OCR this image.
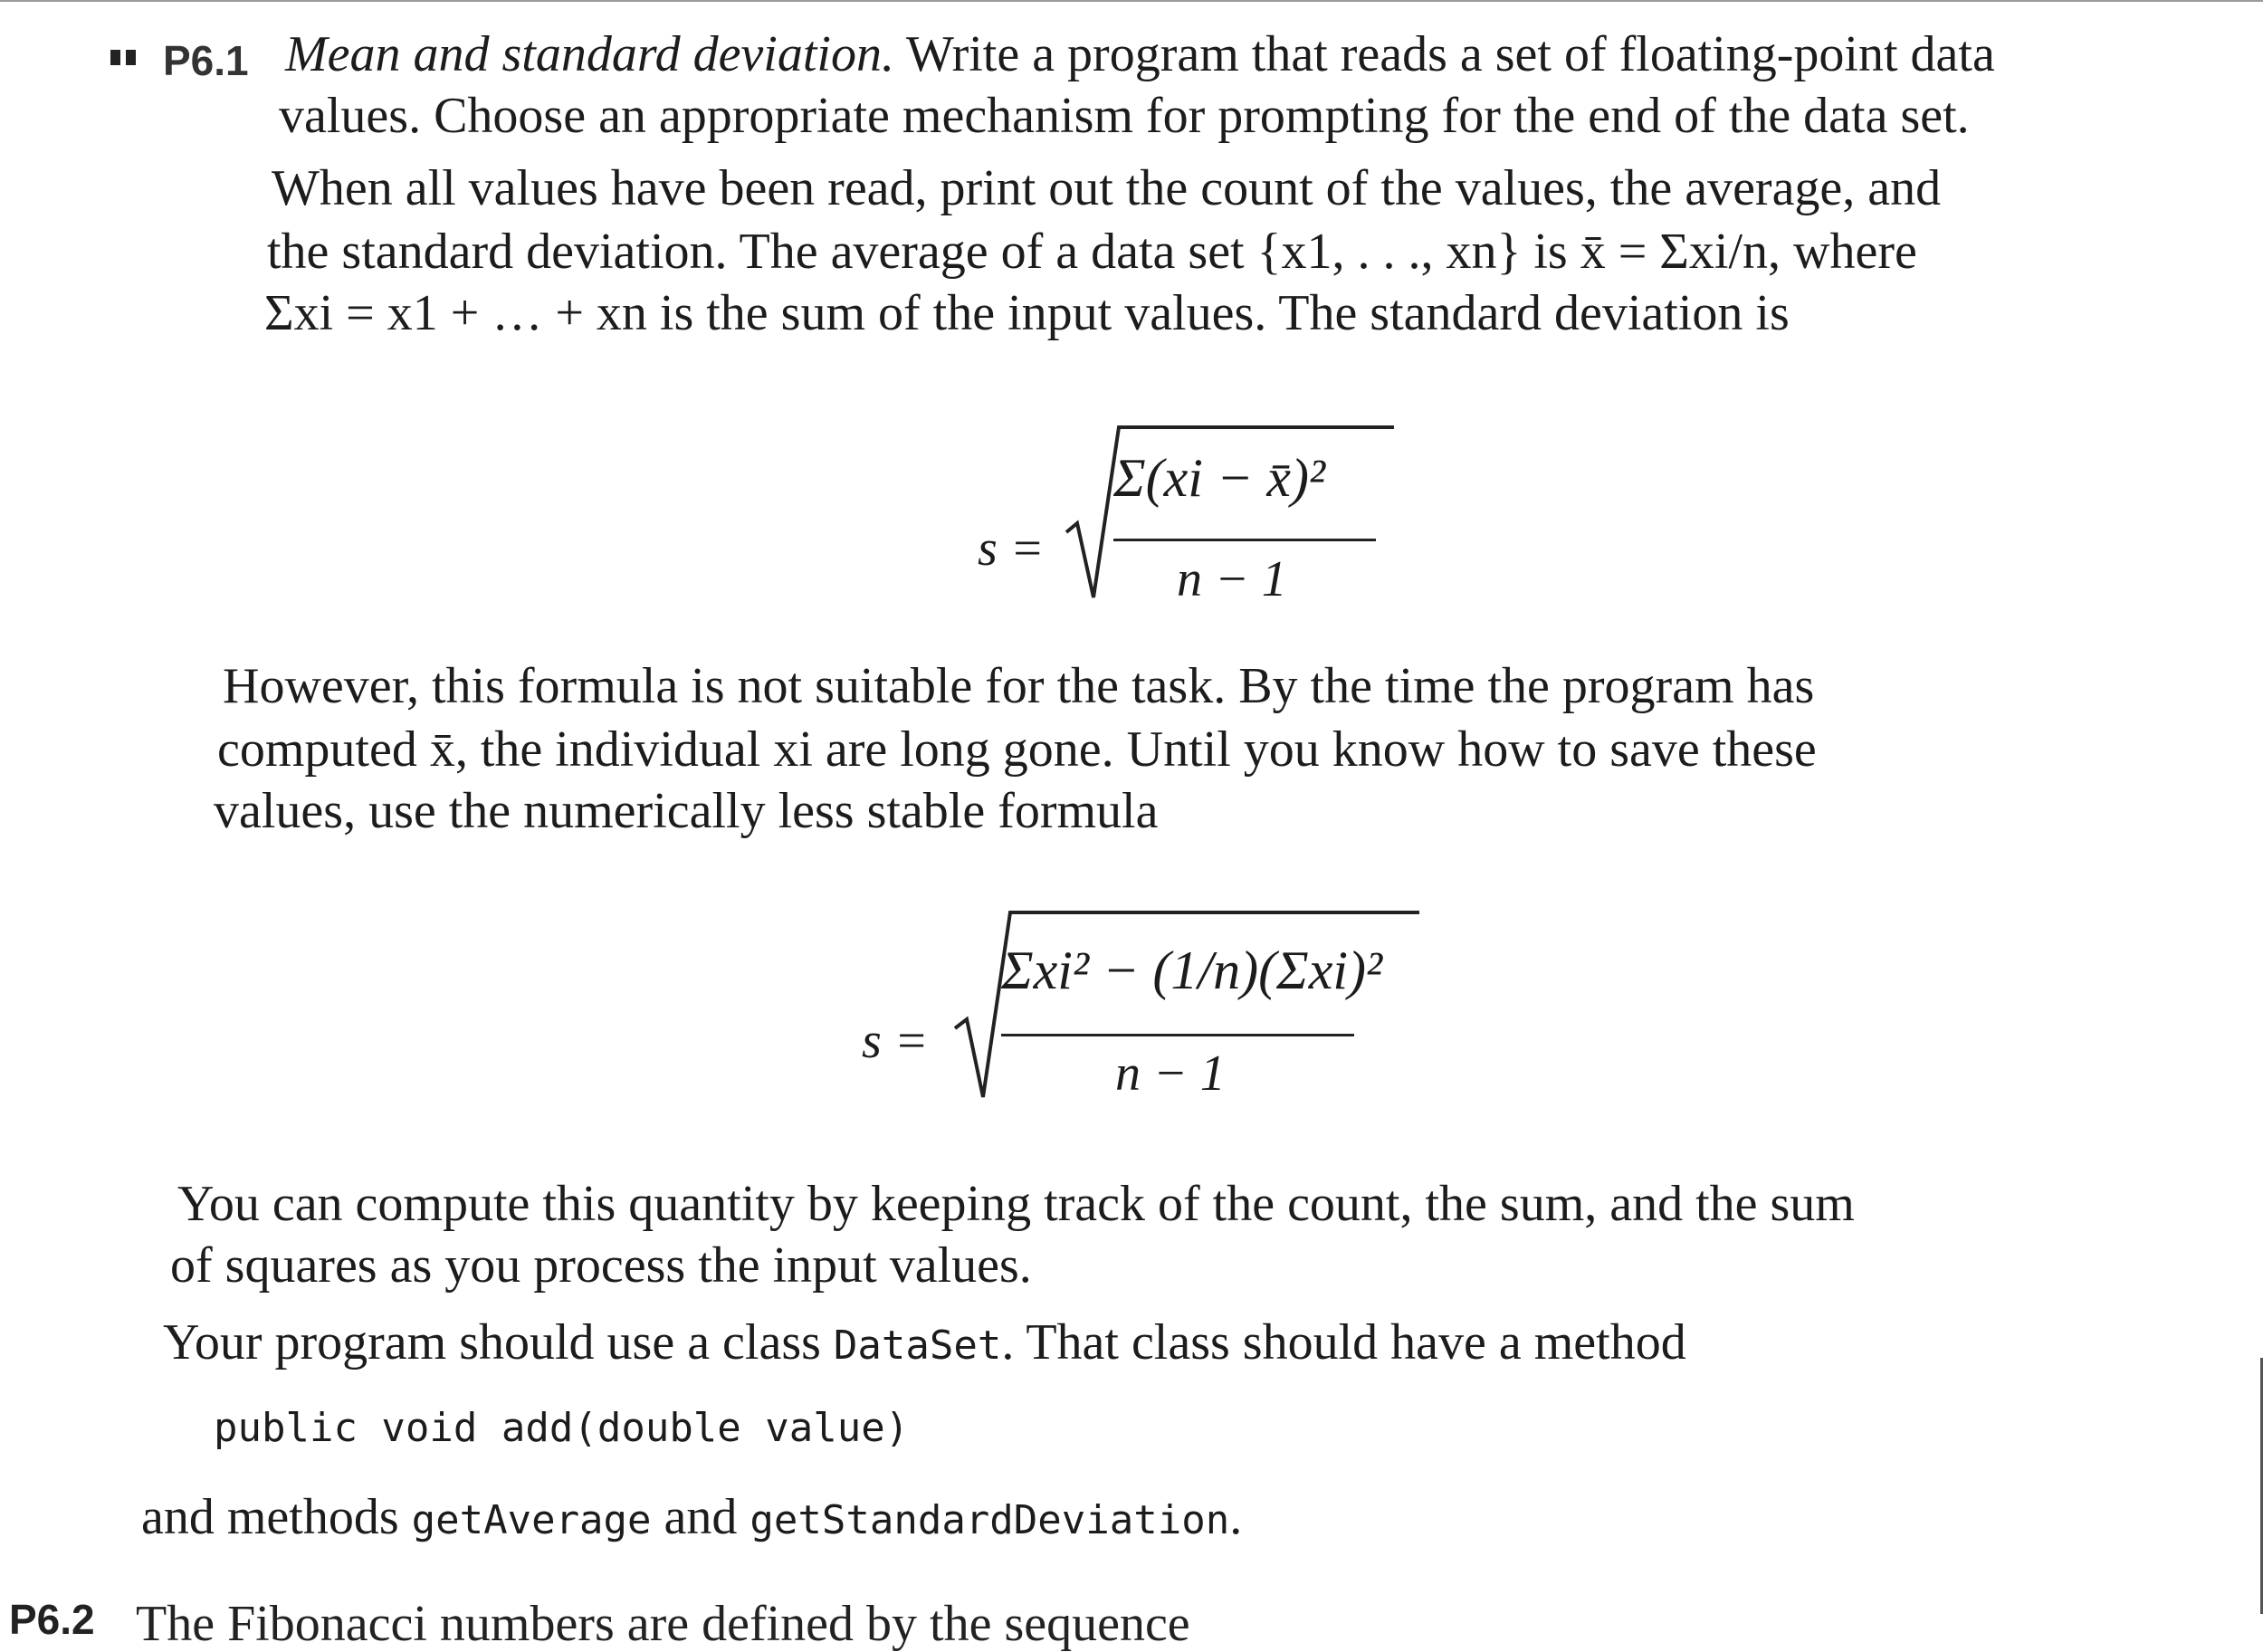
P6.1 Mean and standard deviation. Write a program that reads a set of floating-point data
values. Choose an appropriate mechanism for prompting for the end of the data set.
When all values have been read, print out the count of the values, the average, and
the standard deviation. The average of a data set {x1, . . ., xn} is x̄ = Σxi/n, where
Σxi = x1 + … + xn is the sum of the input values. The standard deviation is
s =
Σ(xi − x̄)²
n − 1
However, this formula is not suitable for the task. By the time the program has
computed x̄, the individual xi are long gone. Until you know how to save these
values, use the numerically less stable formula
s =
Σxi² − (1/n)(Σxi)²
n − 1
You can compute this quantity by keeping track of the count, the sum, and the sum
of squares as you process the input values.
Your program should use a class DataSet. That class should have a method
public void add(double value)
and methods getAverage and getStandardDeviation.
P6.2 The Fibonacci numbers are defined by the sequence
